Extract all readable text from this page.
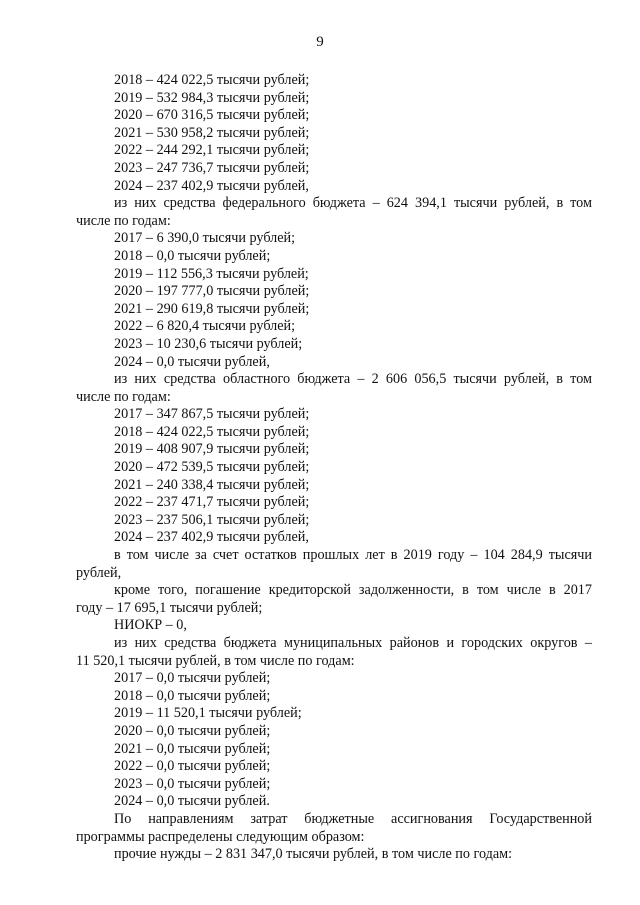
9
2018 – 424 022,5 тысячи рублей;
2019 – 532 984,3 тысячи рублей;
2020 – 670 316,5 тысячи рублей;
2021 – 530 958,2 тысячи рублей;
2022 – 244 292,1 тысячи рублей;
2023 – 247 736,7 тысячи рублей;
2024 – 237 402,9 тысячи рублей,
из них средства федерального бюджета – 624 394,1 тысячи рублей, в том
числе по годам:
2017 – 6 390,0 тысячи рублей;
2018 – 0,0 тысячи рублей;
2019 – 112 556,3 тысячи рублей;
2020 – 197 777,0 тысячи рублей;
2021 – 290 619,8 тысячи рублей;
2022 – 6 820,4 тысячи рублей;
2023 – 10 230,6 тысячи рублей;
2024 – 0,0 тысячи рублей,
из них средства областного бюджета – 2 606 056,5 тысячи рублей, в том
числе по годам:
2017 – 347 867,5 тысячи рублей;
2018 – 424 022,5 тысячи рублей;
2019 – 408 907,9 тысячи рублей;
2020 – 472 539,5 тысячи рублей;
2021 – 240 338,4 тысячи рублей;
2022 – 237 471,7 тысячи рублей;
2023 – 237 506,1 тысячи рублей;
2024 – 237 402,9 тысячи рублей,
в том числе за счет остатков прошлых лет в 2019 году – 104 284,9 тысячи
рублей,
кроме того, погашение кредиторской задолженности, в том числе в 2017
году – 17 695,1 тысячи рублей;
НИОКР – 0,
из них средства бюджета муниципальных районов и городских округов –
11 520,1 тысячи рублей, в том числе по годам:
2017 – 0,0 тысячи рублей;
2018 – 0,0 тысячи рублей;
2019 – 11 520,1 тысячи рублей;
2020 – 0,0 тысячи рублей;
2021 – 0,0 тысячи рублей;
2022 – 0,0 тысячи рублей;
2023 – 0,0 тысячи рублей;
2024 – 0,0 тысячи рублей.
По направлениям затрат бюджетные ассигнования Государственной
программы распределены следующим образом:
прочие нужды – 2 831 347,0 тысячи рублей, в том числе по годам:
